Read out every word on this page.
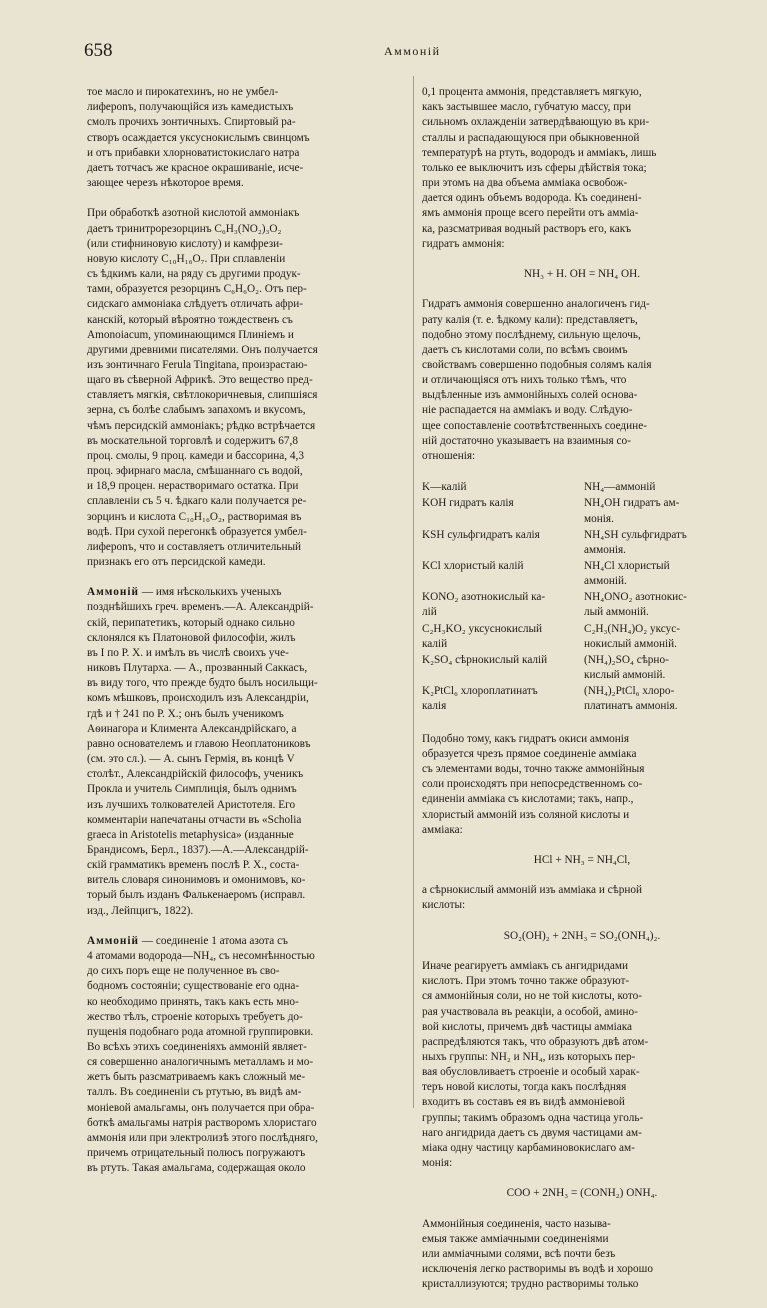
658	Аммоній

тое масло и пирокатехинъ, но не умбел-
лифероnъ, получающійся изъ камедистыхъ
смолъ прочихъ зонтичныхъ. Спиртовый ра-
створъ осаждается уксуснокислымъ свинцомъ
и отъ прибавки хлорноватистокислаго натра
даетъ тотчасъ же красное окрашиваніе, исче-
зающее черезъ нѣкоторое время.

При обработкѣ азотной кислотой аммоніакъ
даетъ тринитрорезорцинъ C₆H₃(NO₂)₃O₂
(или стифниновую кислоту) и камфрези-
новую кислоту C₁₀H₁₆O₇. При сплавленіи
съ ѣдкимъ кали, на ряду съ другими продук-
тами, образуется резорцинъ C₆H₆O₂. Отъ пер-
сидскаго аммоніака слѣдуетъ отличать афри-
канскій, который вѣроятно тождественъ съ
Amonoiacum, упоминающимся Плиніемъ и
другими древними писателями. Онъ получается
изъ зонтичнаго Ferula Tingitana, произрастаю-
щаго въ сѣверной Африкѣ. Это вещество пред-
ставляетъ мягкія, свѣтлокоричневыя, слипшіяся
зерна, съ болѣе слабымъ запахомъ и вкусомъ,
чѣмъ персидскій аммоніакъ; рѣдко встрѣчается
въ москательной торговлѣ и содержитъ 67,8
проц. смолы, 9 проц. камеди и бассорина, 4,3
проц. эфирнаго масла, смѣшаннаго съ водой,
и 18,9 процен. нерастворимаго остатка. При
сплавленіи съ 5 ч. ѣдкаго кали получается ре-
зорцинъ и кислота C₁₀H₁₆O₂, растворимая въ
водѣ. При сухой перегонкѣ образуется умбел-
лифероnъ, что и составляетъ отличительный
признакъ его отъ персидской камеди.

Аммоній — имя нѣсколькихъ ученыхъ
позднѣйшихъ греч. временъ.—А. Александрій-
скій, перипатетикъ, который однако сильно
склонялся къ Платоновой философіи, жилъ
въ I по Р. Х. и имѣлъ въ числѣ своихъ уче-
никовъ Плутарха. — А., прозванный Саккасъ,
въ виду того, что прежде будто былъ носильщи-
комъ мѣшковъ, происходилъ изъ Александріи,
гдѣ и † 241 по Р. Х.; онъ былъ ученикомъ
Аѳинагора и Климента Александрійскаго, а
равно основателемъ и главою Неоплатониковъ
(см. это сл.). — А. сынъ Гермія, въ концѣ V
столѣт., Александрійскій философъ, ученикъ
Прокла и учитель Симплиція, былъ однимъ
изъ лучшихъ толкователей Аристотеля. Его
комментаріи напечатаны отчасти въ «Scholia
graeca in Aristotelis metaphysica» (изданные
Брандисомъ, Берл., 1837).—А.—Александрій-
скій грамматикъ временъ послѣ Р. Х., соста-
витель словаря синонимовъ и омонимовъ, ко-
торый былъ изданъ Фалькенаеромъ (исправл.
изд., Лейпцигъ, 1822).

Аммоній — соединеніе 1 атома азота съ
4 атомами водорода—NH₄, съ несомнѣнностью
до сихъ поръ еще не полученное въ сво-
бодномъ состояніи; существованіе его одна-
ко необходимо принять, такъ какъ есть мно-
жество тѣлъ, строеніе которыхъ требуетъ до-
пущенія подобнаго рода атомной группировки.
Во всѣхъ этихъ соединеніяхъ аммоній являет-
ся совершенно аналогичнымъ металламъ и мо-
жетъ быть разсматриваемъ какъ сложный ме-
таллъ. Въ соединеніи съ ртутью, въ видѣ ам-
моніевой амальгамы, онъ получается при обра-
боткѣ амальгамы натрія растворомъ хлористаго
аммонія или при электролизѣ этого послѣдняго,
причемъ отрицательный полюсъ погружаютъ
въ ртуть. Такая амальгама, содержащая около

0,1 процента аммонія, представляетъ мягкую,
какъ застывшее масло, губчатую массу, при
сильномъ охлажденіи затвердѣвающую въ кри-
сталлы и распадающуюся при обыкновенной
температурѣ на ртуть, водородъ и аммiакъ, лишь
только ее выключитъ изъ сферы дѣйствія тока;
при этомъ на два объема аммiака освобож-
дается одинъ объемъ водорода. Къ соединені-
ямъ аммонія проще всего перейти отъ амміа-
ка, разсматривая водный растворъ его, какъ
гидратъ аммонія:

NH₃ + H. OH = NH₄ OH.

Гидратъ аммонія совершенно аналогиченъ гид-
рату калія (т. е. ѣдкому кали): представляетъ,
подобно этому послѣднему, сильную щелочь,
даетъ съ кислотами соли, по всѣмъ своимъ
свойствамъ совершенно подобныя солямъ калія
и отличающіяся отъ нихъ только тѣмъ, что
выдѣленные изъ аммонійныхъ солей основа-
ніе распадается на аммiакъ и воду. Слѣдую-
щее сопоставленіе соотвѣтственныхъ соедине-
ній достаточно указываетъ на взаимныя со-
отношенія:

K—калій	NH₄—аммоній
KOH гидратъ калія	NH₄OH гидратъ ам-
монія.
KSH сульфгидратъ калія	NH₄SH сульфгидратъ
аммонія.
KCl хлористый калій	NH₄Cl хлористый
аммоній.
KONO₂ азотнокислый ка-
лій	NH₄ONO₂ азотнокис-
лый аммоній.
C₂H₃KO₂ уксуснокислый
калій	C₂H₃(NH₄)O₂ уксус-
нокислый аммоній.
K₂SO₄ сѣрнокислый калій	(NH₄)₂SO₄ сѣрно-
кислый аммоній.
K₂PtCl₆ хлороплатинатъ
калія	(NH₄)₂PtCl₆ хлоро-
платинатъ аммонія.

Подобно тому, какъ гидратъ окиси аммонія
образуется чрезъ прямое соединеніе амміака
съ элементами воды, точно также аммонійныя
соли происходятъ при непосредственномъ со-
единеніи амміака съ кислотами; такъ, напр.,
хлористый аммоній изъ соляной кислоты и
амміака:

HCl + NH₃ = NH₄Cl,

а сѣрнокислый аммоній изъ амміака и сѣрной
кислоты:

SO₂(OH)₂ + 2NH₃ = SO₂(ONH₄)₂.

Иначе реагируетъ аммiакъ съ ангидридами
кислотъ. При этомъ точно также образуют-
ся аммонійныя соли, но не той кислоты, кото-
рая участвовала въ реакціи, а особой, амино-
вой кислоты, причемъ двѣ частицы амміака
распредѣляются такъ, что образуютъ двѣ атом-
ныхъ группы: NH₂ и NH₄, изъ которыхъ пер-
вая обусловливаетъ строеніе и особый харак-
теръ новой кислоты, тогда какъ послѣдняя
входитъ въ составъ ея въ видѣ аммоніевой
группы; такимъ образомъ одна частица уголь-
наго ангидрида даетъ съ двумя частицами ам-
міака одну частицу карбаминовокислаго ам-
монія:

COO + 2NH₃ = (CONH₂) ONH₄.

Аммонійныя соединенія, часто называ-
емыя также амміачными соединеніями
или амміачными солями, всѣ почти безъ
исключенія легко растворимы въ водѣ и хорошо
кристаллизуются; трудно растворимы только
